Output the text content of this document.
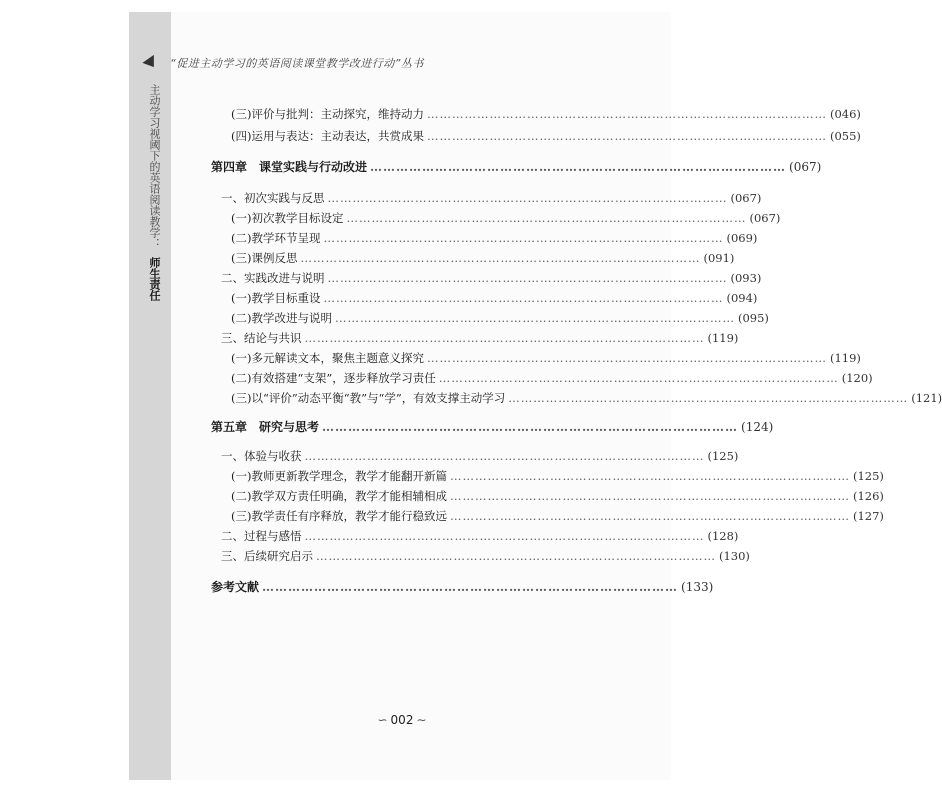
主动学习视阈下的英语阅读教学： 师生责任
“促进主动学习的英语阅读课堂教学改进行动”丛书
(三)评价与批判：主动探究，维持动力 …………………………………………………………………………………… (046)
(四)运用与表达：主动表达，共赏成果 …………………………………………………………………………………… (055)
第四章　课堂实践与行动改进 …………………………………………………………………………………… (067)
一、初次实践与反思 …………………………………………………………………………………… (067)
(一)初次教学目标设定 …………………………………………………………………………………… (067)
(二)教学环节呈现 …………………………………………………………………………………… (069)
(三)课例反思 …………………………………………………………………………………… (091)
二、实践改进与说明 …………………………………………………………………………………… (093)
(一)教学目标重设 …………………………………………………………………………………… (094)
(二)教学改进与说明 …………………………………………………………………………………… (095)
三、结论与共识 …………………………………………………………………………………… (119)
(一)多元解读文本，聚焦主题意义探究 …………………………………………………………………………………… (119)
(二)有效搭建“支架”，逐步释放学习责任 …………………………………………………………………………………… (120)
(三)以“评价”动态平衡“教”与“学”，有效支撑主动学习 …………………………………………………………………………………… (121)
第五章　研究与思考 …………………………………………………………………………………… (124)
一、体验与收获 …………………………………………………………………………………… (125)
(一)教师更新教学理念，教学才能翻开新篇 …………………………………………………………………………………… (125)
(二)教学双方责任明确，教学才能相辅相成 …………………………………………………………………………………… (126)
(三)教学责任有序释放，教学才能行稳致远 …………………………………………………………………………………… (127)
二、过程与感悟 …………………………………………………………………………………… (128)
三、后续研究启示 …………………………………………………………………………………… (130)
参考文献 …………………………………………………………………………………… (133)
∽ 002 ∼
